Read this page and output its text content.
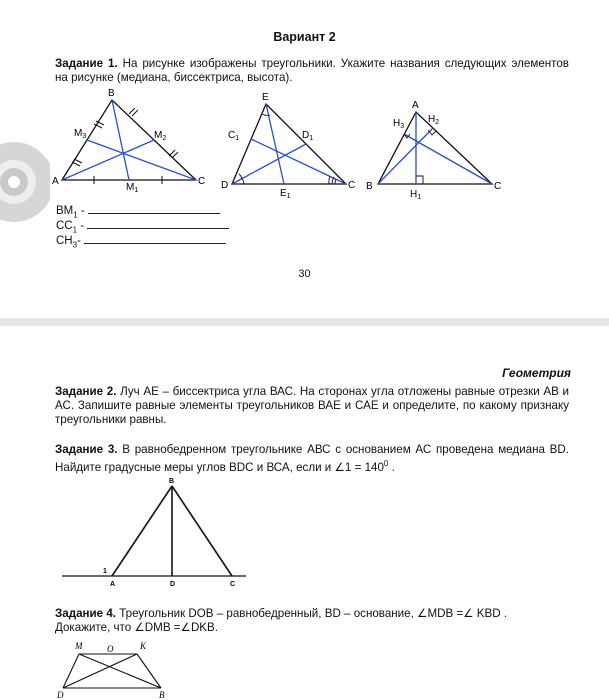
Вариант 2
Задание 1. На рисунке изображены треугольники. Укажите названия следующих элементов на рисунке (медиана, биссектриса, высота).
B
$M_3$	$M_2$
A
$M_1$
C
E
$C_1$	$D_1$
D
$E_1$
C
A
$H_3$
$H_2$
B
$H_1$
C
$BM_1$ -
$CC_1$ -
$CH_3-$
30
Геометрия
Задание 2. Луч АЕ – биссектриса угла ВАС. На сторонах угла отложены равные отрезки АВ и АС. Запишите равные элементы треугольников ВАЕ и САЕ и определите, по какому признаку треугольники равны.
Задание 3. В равнобедренном треугольнике АВС с основанием АС проведена медиана BD. Найдите градусные меры углов BDC и ВСА, если и ∠1 = $140^0$ .
B
1
A	D	C
Задание 4. Треугольник DOB – равнобедренный, BD – основание, ∠MDB =∠ KBD .
Докажите, что ∠DMB =∠DKB.
M	O	K
D	B
